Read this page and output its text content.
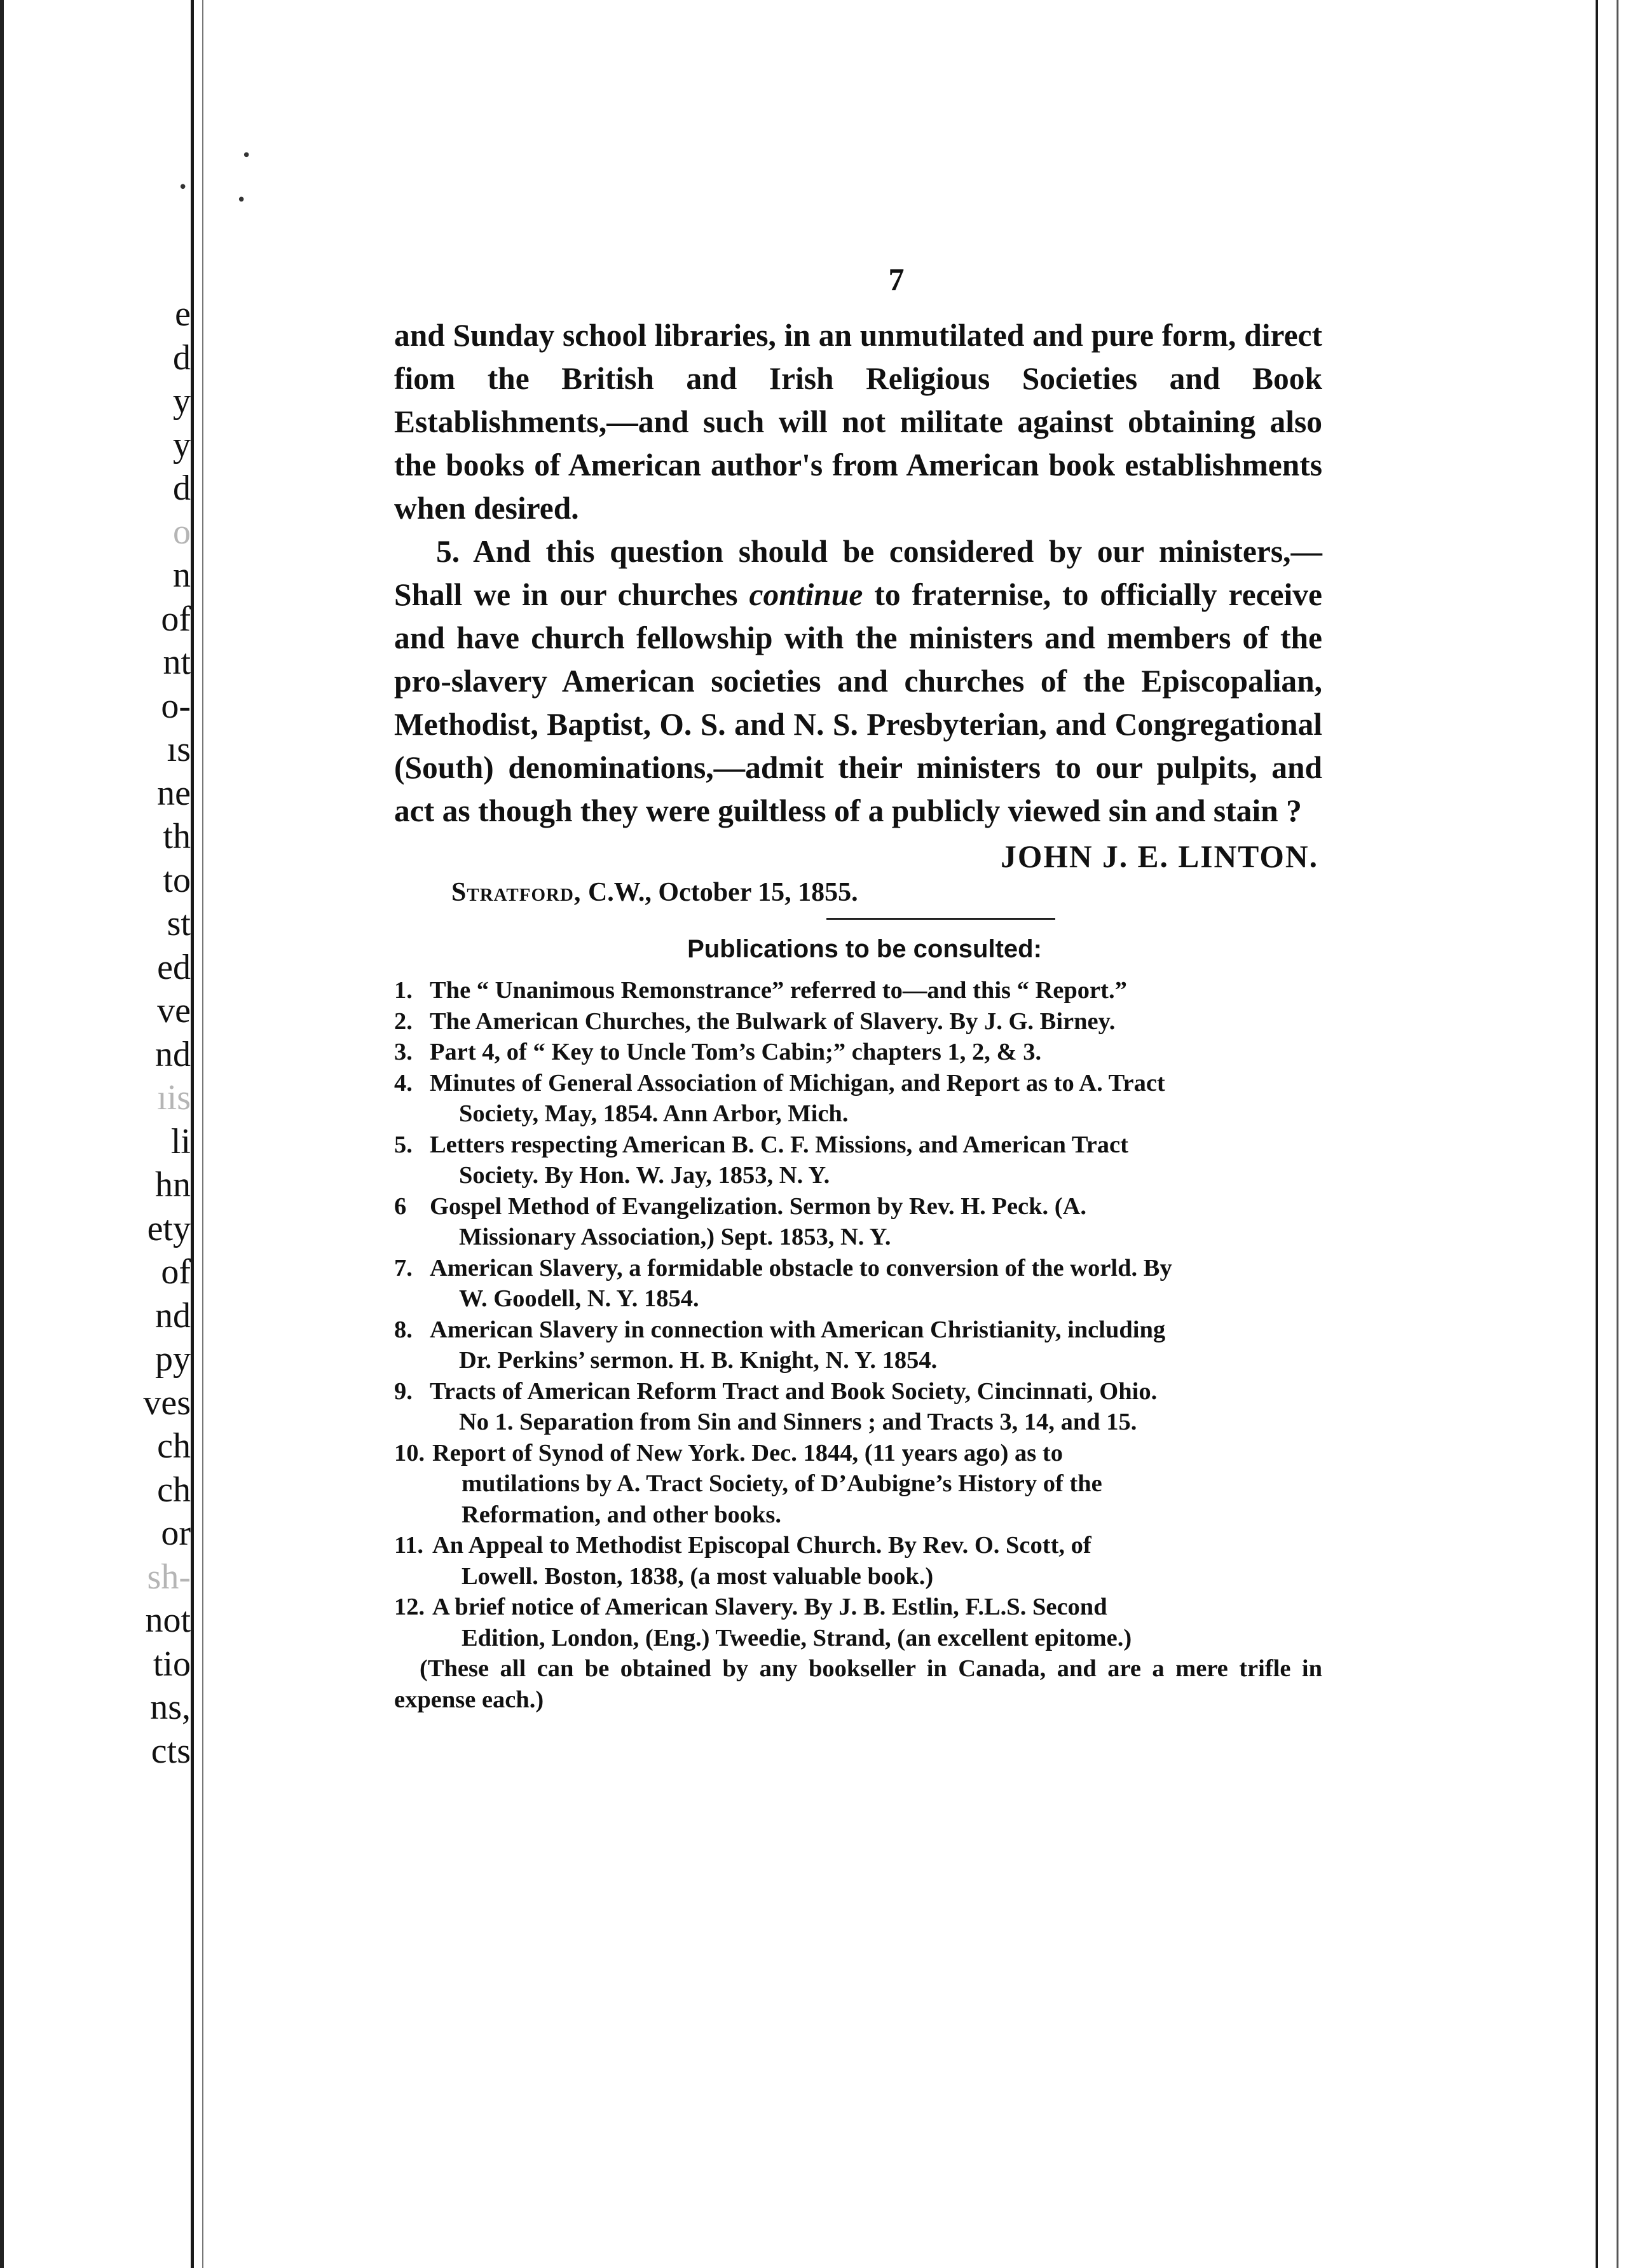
e
d
y
y
d
o
n
of
nt
o-
ıs
ne
th
to
st
ed
ve
nd
ıis
li
hn
ety
of
nd
py
ves
ch
ch
or
sh-
not
tio
ns,
cts
•
•
•
7

and Sunday school libraries, in an unmutilated and pure form, direct fiom the British and Irish Religious Societies and Book Establishments,—and such will not militate against obtaining also the books of American author's from American book establishments when desired.

5. And this question should be considered by our ministers,—Shall we in our churches continue to fraternise, to officially receive and have church fellowship with the ministers and members of the pro-slavery American societies and churches of the Episcopalian, Methodist, Baptist, O. S. and N. S. Presbyterian, and Congregational (South) denominations,—admit their ministers to our pulpits, and act as though they were guiltless of a publicly viewed sin and stain ?

JOHN J. E. LINTON.
Stratford, C.W., October 15, 1855.
Publications to be consulted:
1. The “ Unanimous Remonstrance” referred to—and this “ Report.”
2. The American Churches, the Bulwark of Slavery. By J. G. Birney.
3. Part 4, of “ Key to Uncle Tom’s Cabin;” chapters 1, 2, & 3.
4. Minutes of General Association of Michigan, and Report as to A. Tract
Society, May, 1854. Ann Arbor, Mich.
5. Letters respecting American B. C. F. Missions, and American Tract
Society. By Hon. W. Jay, 1853, N. Y.
6 Gospel Method of Evangelization. Sermon by Rev. H. Peck. (A.
Missionary Association,) Sept. 1853, N. Y.
7. American Slavery, a formidable obstacle to conversion of the world. By
W. Goodell, N. Y. 1854.
8. American Slavery in connection with American Christianity, including
Dr. Perkins’ sermon. H. B. Knight, N. Y. 1854.
9. Tracts of American Reform Tract and Book Society, Cincinnati, Ohio.
No 1. Separation from Sin and Sinners ; and Tracts 3, 14, and 15.
10. Report of Synod of New York. Dec. 1844, (11 years ago) as to
mutilations by A. Tract Society, of D’Aubigne’s History of the
Reformation, and other books.
11. An Appeal to Methodist Episcopal Church. By Rev. O. Scott, of
Lowell. Boston, 1838, (a most valuable book.)
12. A brief notice of American Slavery. By J. B. Estlin, F.L.S. Second
Edition, London, (Eng.) Tweedie, Strand, (an excellent epitome.)

(These all can be obtained by any bookseller in Canada, and are a mere trifle in expense each.)
